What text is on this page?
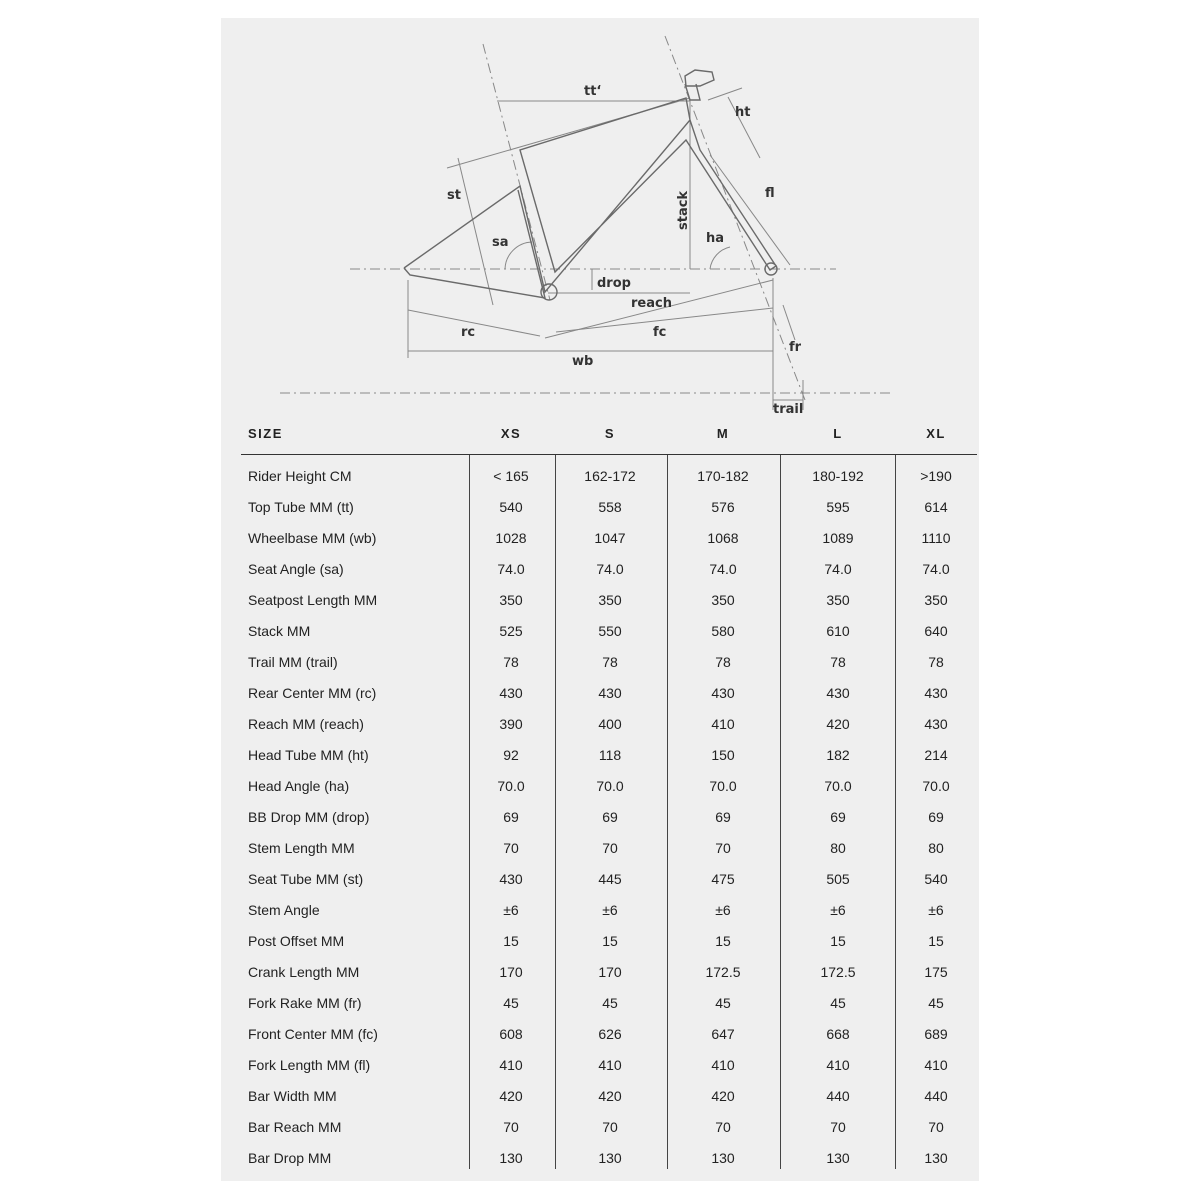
tt‘
ht
st	fl
sa
stack
ha
drop
reach
rc	fc
wb
fr
trail
SIZE	XS	S	M	L	XL
Rider Height CM	< 165	162-172	170-182	180-192	>190
Top Tube MM (tt)	540	558	576	595	614
Wheelbase MM (wb)	1028	1047	1068	1089	1110
Seat Angle (sa)	74.0	74.0	74.0	74.0	74.0
Seatpost Length MM	350	350	350	350	350
Stack MM	525	550	580	610	640
Trail MM (trail)	78	78	78	78	78
Rear Center MM (rc)	430	430	430	430	430
Reach MM (reach)	390	400	410	420	430
Head Tube MM (ht)	92	118	150	182	214
Head Angle (ha)	70.0	70.0	70.0	70.0	70.0
BB Drop MM (drop)	69	69	69	69	69
Stem Length MM	70	70	70	80	80
Seat Tube MM (st)	430	445	475	505	540
Stem Angle	±6	±6	±6	±6	±6
Post Offset MM	15	15	15	15	15
Crank Length MM	170	170	172.5	172.5	175
Fork Rake MM (fr)	45	45	45	45	45
Front Center MM (fc)	608	626	647	668	689
Fork Length MM (fl)	410	410	410	410	410
Bar Width MM	420	420	420	440	440
Bar Reach MM	70	70	70	70	70
Bar Drop MM	130	130	130	130	130
